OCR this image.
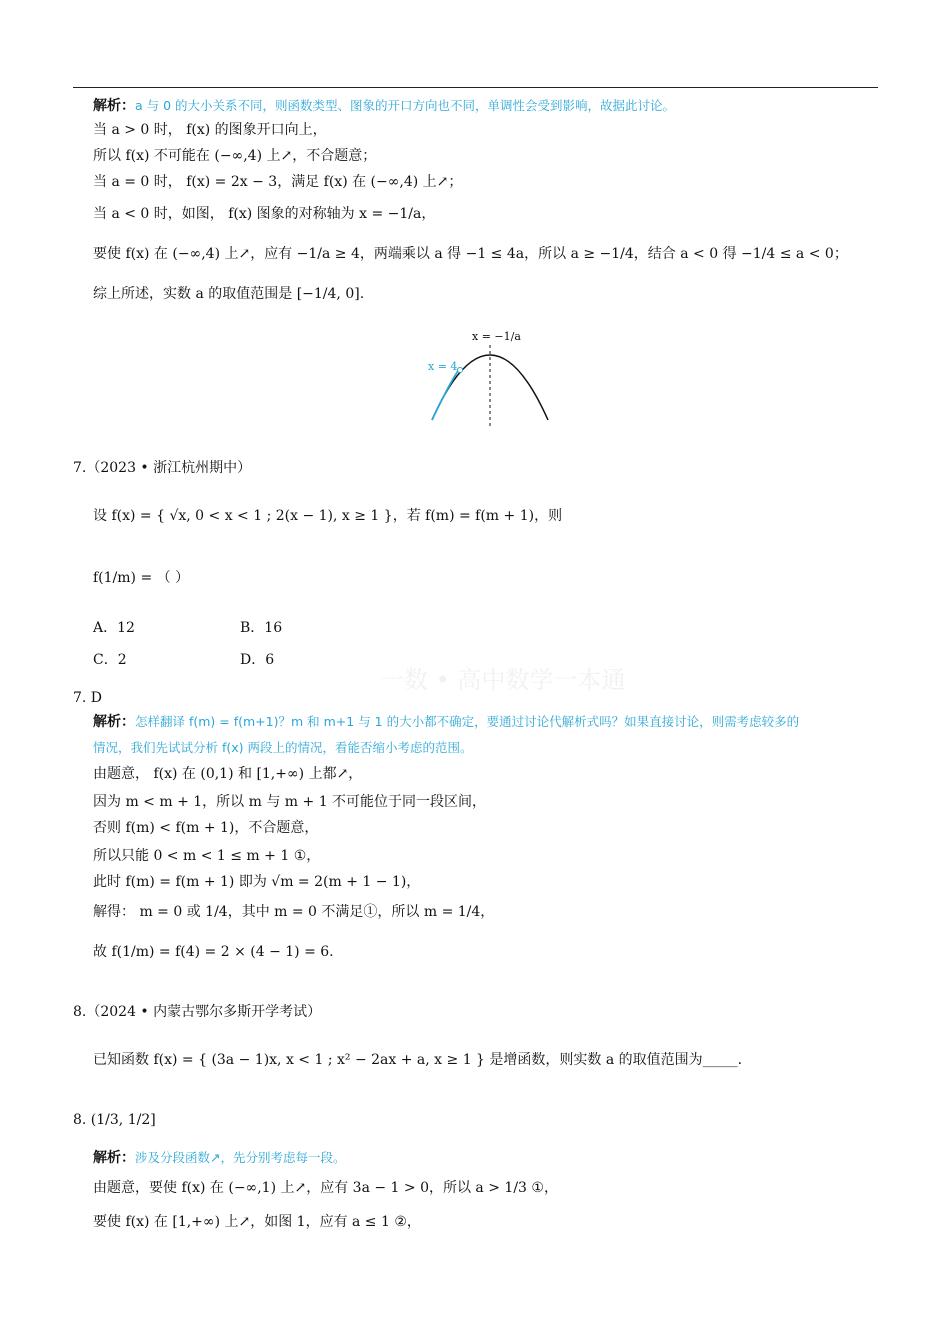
解析：a 与 0 的大小关系不同，则函数类型、图象的开口方向也不同，单调性会受到影响，故据此讨论。
当 a > 0 时， f(x) 的图象开口向上，
所以 f(x) 不可能在 (−∞,4) 上↗，不合题意；
当 a = 0 时， f(x) = 2x − 3，满足 f(x) 在 (−∞,4) 上↗；
当 a < 0 时，如图， f(x) 图象的对称轴为 x = −1/a，
要使 f(x) 在 (−∞,4) 上↗，应有 −1/a ≥ 4，两端乘以 a 得 −1 ≤ 4a，所以 a ≥ −1/4，结合 a < 0 得 −1/4 ≤ a < 0；
综上所述，实数 a 的取值范围是 [−1/4, 0].
x = −1/a
x = 4
7.（2023 • 浙江杭州期中）
设 f(x) = { √x, 0 < x < 1 ; 2(x − 1), x ≥ 1 }，若 f(m) = f(m + 1)，则
f(1/m) = （ ）
A．12	B．16
C．2	D．6
一数 • 高中数学一本通
7. D
解析：怎样翻译 f(m) = f(m+1)？m 和 m+1 与 1 的大小都不确定，要通过讨论代解析式吗？如果直接讨论，则需考虑较多的
情况，我们先试试分析 f(x) 两段上的情况，看能否缩小考虑的范围。
由题意， f(x) 在 (0,1) 和 [1,+∞) 上都↗，
因为 m < m + 1，所以 m 与 m + 1 不可能位于同一段区间，
否则 f(m) < f(m + 1)，不合题意，
所以只能 0 < m < 1 ≤ m + 1 ①，
此时 f(m) = f(m + 1) 即为 √m = 2(m + 1 − 1)，
解得： m = 0 或 1/4，其中 m = 0 不满足①，所以 m = 1/4，
故 f(1/m) = f(4) = 2 × (4 − 1) = 6.
8.（2024 • 内蒙古鄂尔多斯开学考试）
已知函数 f(x) = { (3a − 1)x, x < 1 ; x² − 2ax + a, x ≥ 1 } 是增函数，则实数 a 的取值范围为_____.
8. (1/3, 1/2]
解析：涉及分段函数↗，先分别考虑每一段。
由题意，要使 f(x) 在 (−∞,1) 上↗，应有 3a − 1 > 0，所以 a > 1/3 ①，
要使 f(x) 在 [1,+∞) 上↗，如图 1，应有 a ≤ 1 ②，
